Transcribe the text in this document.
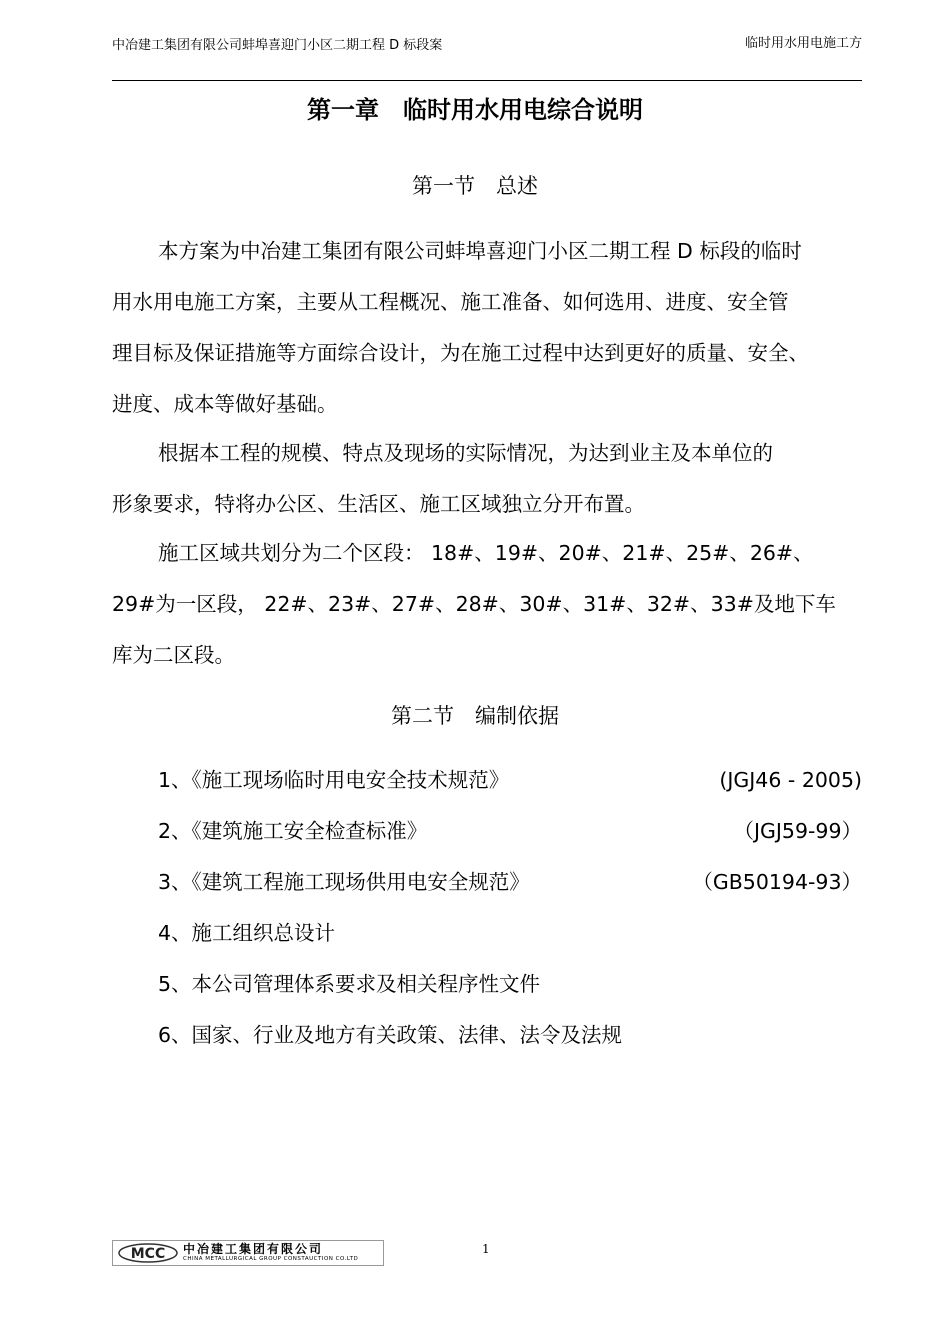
中冶建工集团有限公司蚌埠喜迎门小区二期工程 D 标段案	临时用水用电施工方
第一章　临时用水用电综合说明
第一节　总述
本方案为中冶建工集团有限公司蚌埠喜迎门小区二期工程 D 标段的临时
用水用电施工方案，主要从工程概况、施工准备、如何选用、进度、安全管
理目标及保证措施等方面综合设计，为在施工过程中达到更好的质量、安全、
进度、成本等做好基础。
根据本工程的规模、特点及现场的实际情况，为达到业主及本单位的
形象要求，特将办公区、生活区、施工区域独立分开布置。
施工区域共划分为二个区段： 18#、19#、20#、21#、25#、26#、
29#为一区段， 22#、23#、27#、28#、30#、31#、32#、33#及地下车
库为二区段。
第二节　编制依据
1、《施工现场临时用电安全技术规范》	(JGJ46 - 2005)
2、《建筑施工安全检查标准》	（JGJ59-99）
3、《建筑工程施工现场供用电安全规范》	（GB50194-93）
4、施工组织总设计
5、本公司管理体系要求及相关程序性文件
6、国家、行业及地方有关政策、法律、法令及法规
MCC 中冶建工集团有限公司
CHINA METALLURGICAL GROUP CONSTAUCTION CO.LTD
1
